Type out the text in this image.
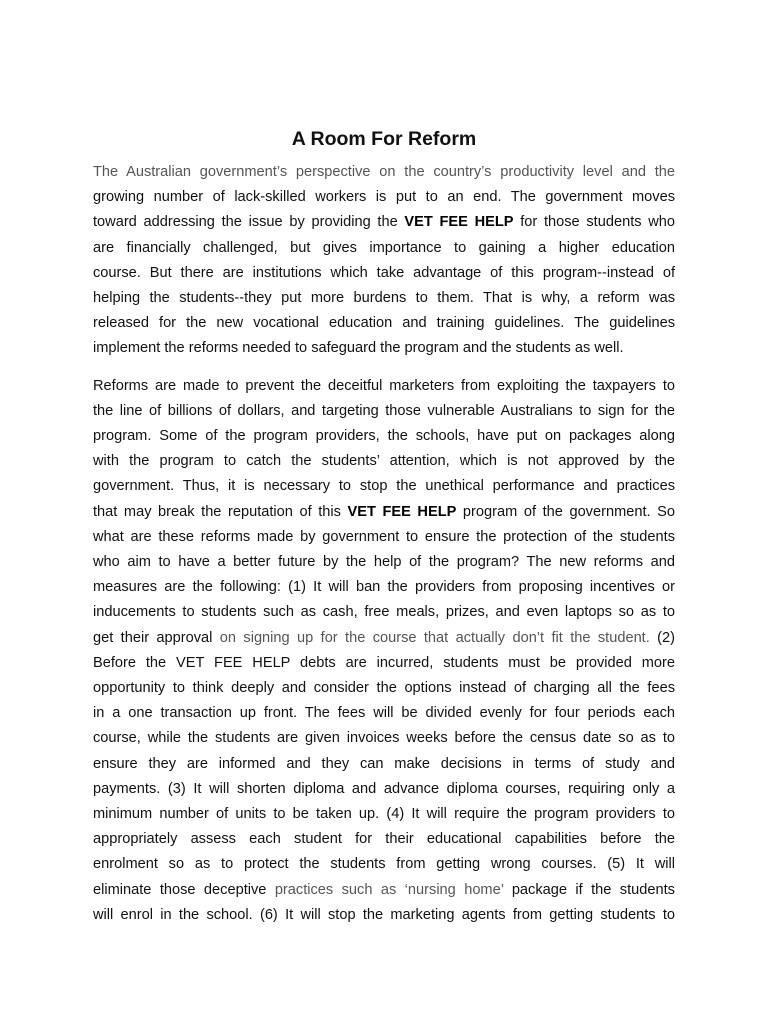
A Room For Reform

The Australian government’s perspective on the country’s productivity level and the
growing number of lack-skilled workers is put to an end. The government moves
toward addressing the issue by providing the VET FEE HELP for those students who
are financially challenged, but gives importance to gaining a higher education
course. But there are institutions which take advantage of this program--instead of
helping the students--they put more burdens to them. That is why, a reform was
released for the new vocational education and training guidelines. The guidelines
implement the reforms needed to safeguard the program and the students as well.

Reforms are made to prevent the deceitful marketers from exploiting the taxpayers to
the line of billions of dollars, and targeting those vulnerable Australians to sign for the
program. Some of the program providers, the schools, have put on packages along
with the program to catch the students’ attention, which is not approved by the
government. Thus, it is necessary to stop the unethical performance and practices
that may break the reputation of this VET FEE HELP program of the government. So
what are these reforms made by government to ensure the protection of the students
who aim to have a better future by the help of the program? The new reforms and
measures are the following: (1) It will ban the providers from proposing incentives or
inducements to students such as cash, free meals, prizes, and even laptops so as to
get their approval on signing up for the course that actually don’t fit the student. (2)
Before the VET FEE HELP debts are incurred, students must be provided more
opportunity to think deeply and consider the options instead of charging all the fees
in a one transaction up front. The fees will be divided evenly for four periods each
course, while the students are given invoices weeks before the census date so as to
ensure they are informed and they can make decisions in terms of study and
payments. (3) It will shorten diploma and advance diploma courses, requiring only a
minimum number of units to be taken up. (4) It will require the program providers to
appropriately assess each student for their educational capabilities before the
enrolment so as to protect the students from getting wrong courses. (5) It will
eliminate those deceptive practices such as ‘nursing home’ package if the students
will enrol in the school. (6) It will stop the marketing agents from getting students to
